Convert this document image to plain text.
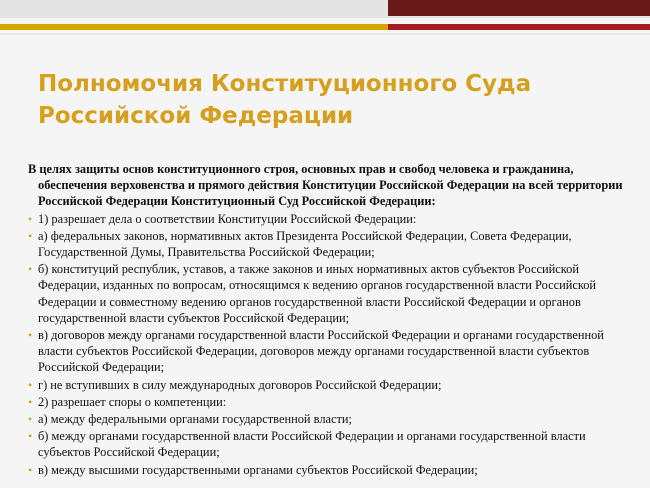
Полномочия Конституционного Суда
Российской Федерации

В целях защиты основ конституционного строя, основных прав и свобод человека и гражданина, обеспечения верховенства и прямого действия Конституции Российской Федерации на всей территории Российской Федерации Конституционный Суд Российской Федерации:

• 1) разрешает дела о соответствии Конституции Российской Федерации:
• а) федеральных законов, нормативных актов Президента Российской Федерации, Совета Федерации, Государственной Думы, Правительства Российской Федерации;
• б) конституций республик, уставов, а также законов и иных нормативных актов субъектов Российской Федерации, изданных по вопросам, относящимся к ведению органов государственной власти Российской Федерации и совместному ведению органов государственной власти Российской Федерации и органов государственной власти субъектов Российской Федерации;
• в) договоров между органами государственной власти Российской Федерации и органами государственной власти субъектов Российской Федерации, договоров между органами государственной власти субъектов Российской Федерации;
• г) не вступивших в силу международных договоров Российской Федерации;
• 2) разрешает споры о компетенции:
• а) между федеральными органами государственной власти;
• б) между органами государственной власти Российской Федерации и органами государственной власти субъектов Российской Федерации;
• в) между высшими государственными органами субъектов Российской Федерации;
